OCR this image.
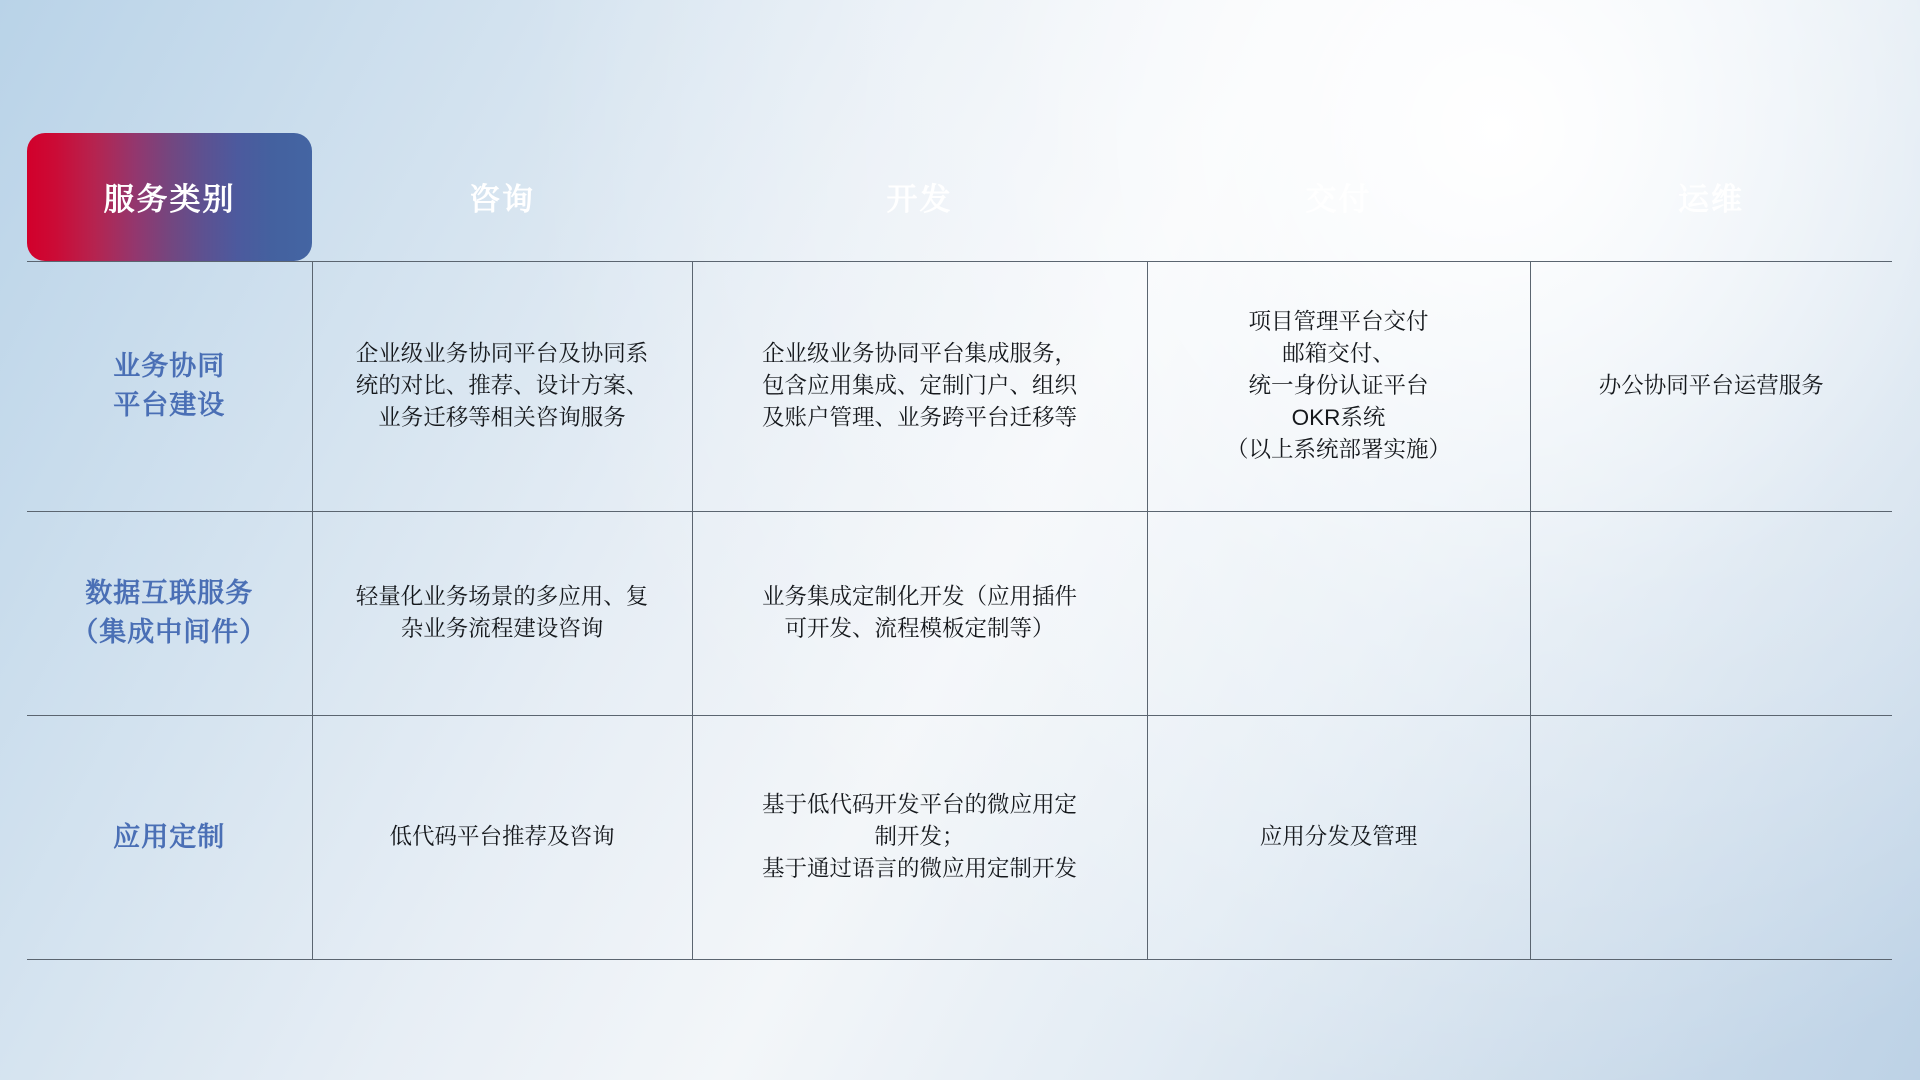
服务类别	咨询	开发	交付	运维

业务协同
平台建设	企业级业务协同平台及协同系
统的对比、推荐、设计方案、
业务迁移等相关咨询服务	企业级业务协同平台集成服务，
包含应用集成、定制门户、组织
及账户管理、业务跨平台迁移等	项目管理平台交付
邮箱交付、
统一身份认证平台
OKR系统
（以上系统部署实施）	办公协同平台运营服务

数据互联服务
（集成中间件）	轻量化业务场景的多应用、复
杂业务流程建设咨询	业务集成定制化开发（应用插件
可开发、流程模板定制等）		

应用定制	低代码平台推荐及咨询	基于低代码开发平台的微应用定
制开发；
基于通过语言的微应用定制开发	应用分发及管理	
